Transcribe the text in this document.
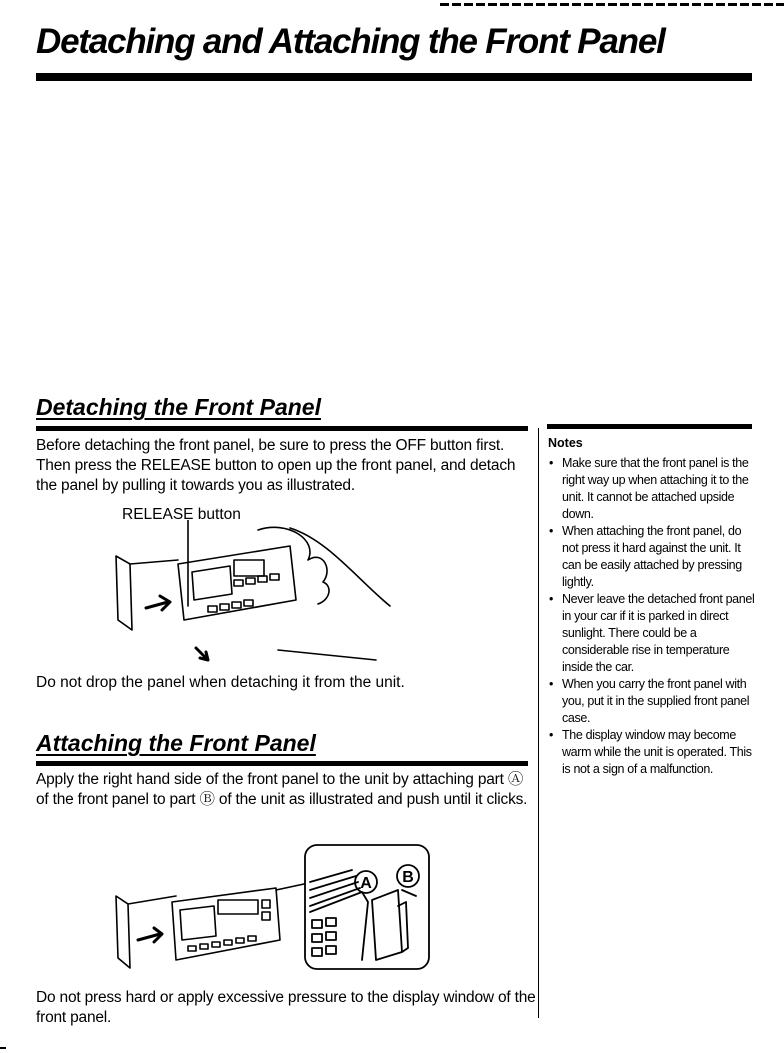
Detaching and Attaching the Front Panel
Detaching the Front Panel
Before detaching the front panel, be sure to press the OFF button first. Then press the RELEASE button to open up the front panel, and detach the panel by pulling it towards you as illustrated.
RELEASE button
Do not drop the panel when detaching it from the unit.
Attaching the Front Panel
Apply the right hand side of the front panel to the unit by attaching part Ⓐ of the front panel to part Ⓑ of the unit as illustrated and push until it clicks.
A B
Do not press hard or apply excessive pressure to the display window of the front panel.
Notes
• Make sure that the front panel is the right way up when attaching it to the unit. It cannot be attached upside down.
• When attaching the front panel, do not press it hard against the unit. It can be easily attached by pressing lightly.
• Never leave the detached front panel in your car if it is parked in direct sunlight. There could be a considerable rise in temperature inside the car.
• When you carry the front panel with you, put it in the supplied front panel case.
• The display window may become warm while the unit is operated. This is not a sign of a malfunction.
